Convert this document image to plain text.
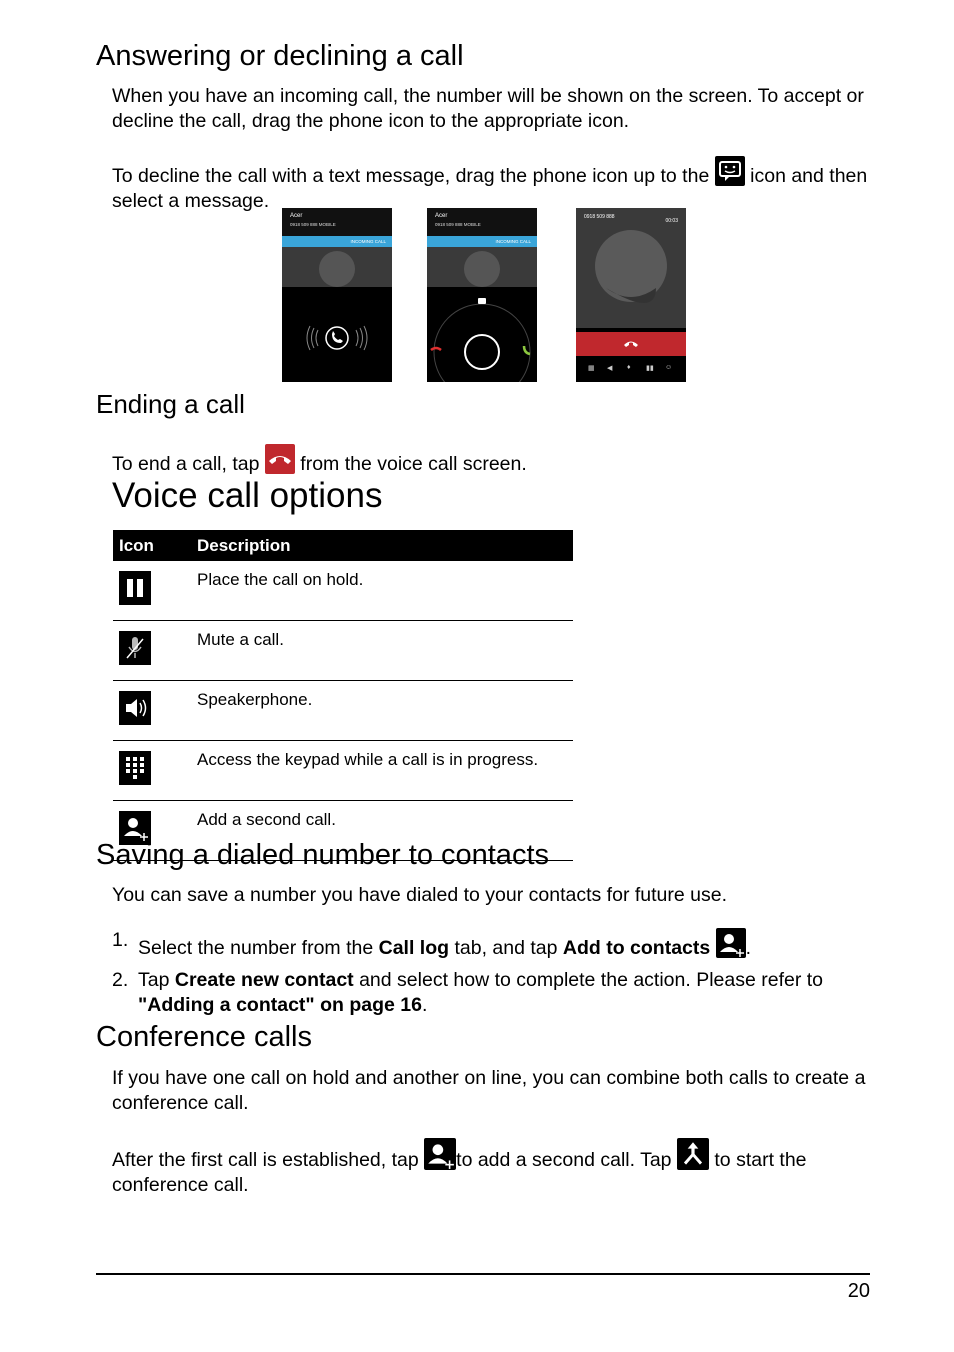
Answering or declining a call

When you have an incoming call, the number will be shown on the screen. To accept or decline the call, drag the phone icon to the appropriate icon.

To decline the call with a text message, drag the phone icon up to the icon and then select a message.

Acer
0918 509 888 MOBILE
INCOMING CALL
Acer
0918 509 888 MOBILE
INCOMING CALL
0918 509 888
00:03
▦ ◀ ♦ ▮▮ ☺
Ending a call

To end a call, tap from the voice call screen.

Voice call options
Icon	Description

	Place the call on hold.

	Mute a call.

	Speakerphone.

	Access the keypad while a call is in progress.

	Add a second call.
Saving a dialed number to contacts

You can save a number you have dialed to your contacts for future use.

1. Select the number from the Call log tab, and tap Add to contacts .
2. Tap Create new contact and select how to complete the action. Please refer to "Adding a contact" on page 16.
Conference calls

If you have one call on hold and another on line, you can combine both calls to create a conference call.

After the first call is established, tap to add a second call. Tap to start the conference call.

20
